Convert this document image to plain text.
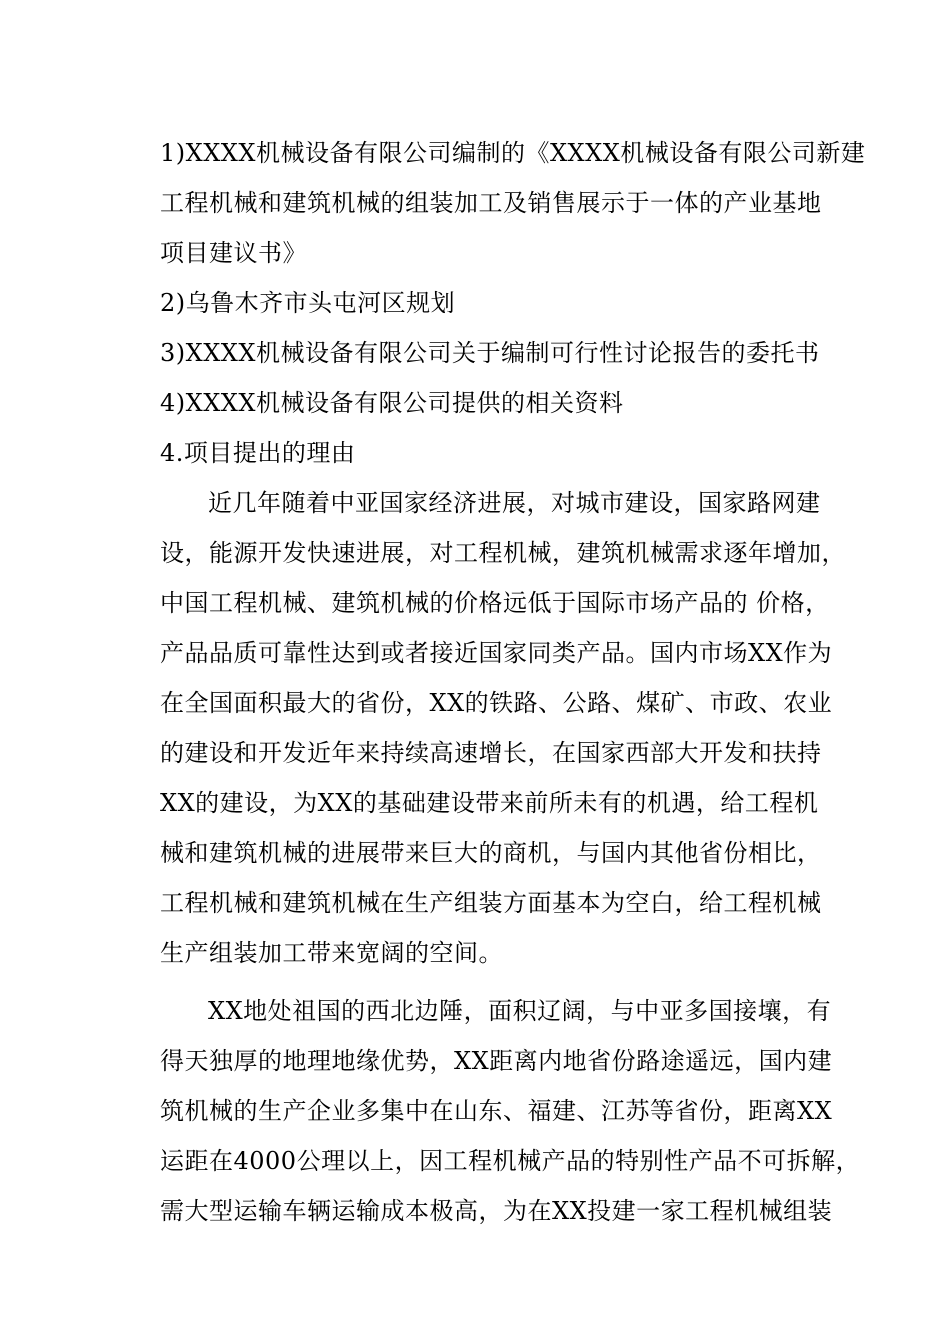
1)XXXX机械设备有限公司编制的《XXXX机械设备有限公司新建
工程机械和建筑机械的组装加工及销售展示于一体的产业基地
项目建议书》
2)乌鲁木齐市头屯河区规划
3)XXXX机械设备有限公司关于编制可行性讨论报告的委托书
4)XXXX机械设备有限公司提供的相关资料
4.项目提出的理由
近几年随着中亚国家经济进展，对城市建设，国家路网建
设，能源开发快速进展，对工程机械，建筑机械需求逐年增加，
中国工程机械、建筑机械的价格远低于国际市场产品的 价格，
产品品质可靠性达到或者接近国家同类产品。国内市场XX作为
在全国面积最大的省份，XX的铁路、公路、煤矿、市政、农业
的建设和开发近年来持续高速增长，在国家西部大开发和扶持
XX的建设，为XX的基础建设带来前所未有的机遇，给工程机
械和建筑机械的进展带来巨大的商机，与国内其他省份相比，
工程机械和建筑机械在生产组装方面基本为空白，给工程机械
生产组装加工带来宽阔的空间。
XX地处祖国的西北边陲，面积辽阔，与中亚多国接壤，有
得天独厚的地理地缘优势，XX距离内地省份路途遥远，国内建
筑机械的生产企业多集中在山东、福建、江苏等省份，距离XX
运距在4000公理以上，因工程机械产品的特别性产品不可拆解，
需大型运输车辆运输成本极高，为在XX投建一家工程机械组装
